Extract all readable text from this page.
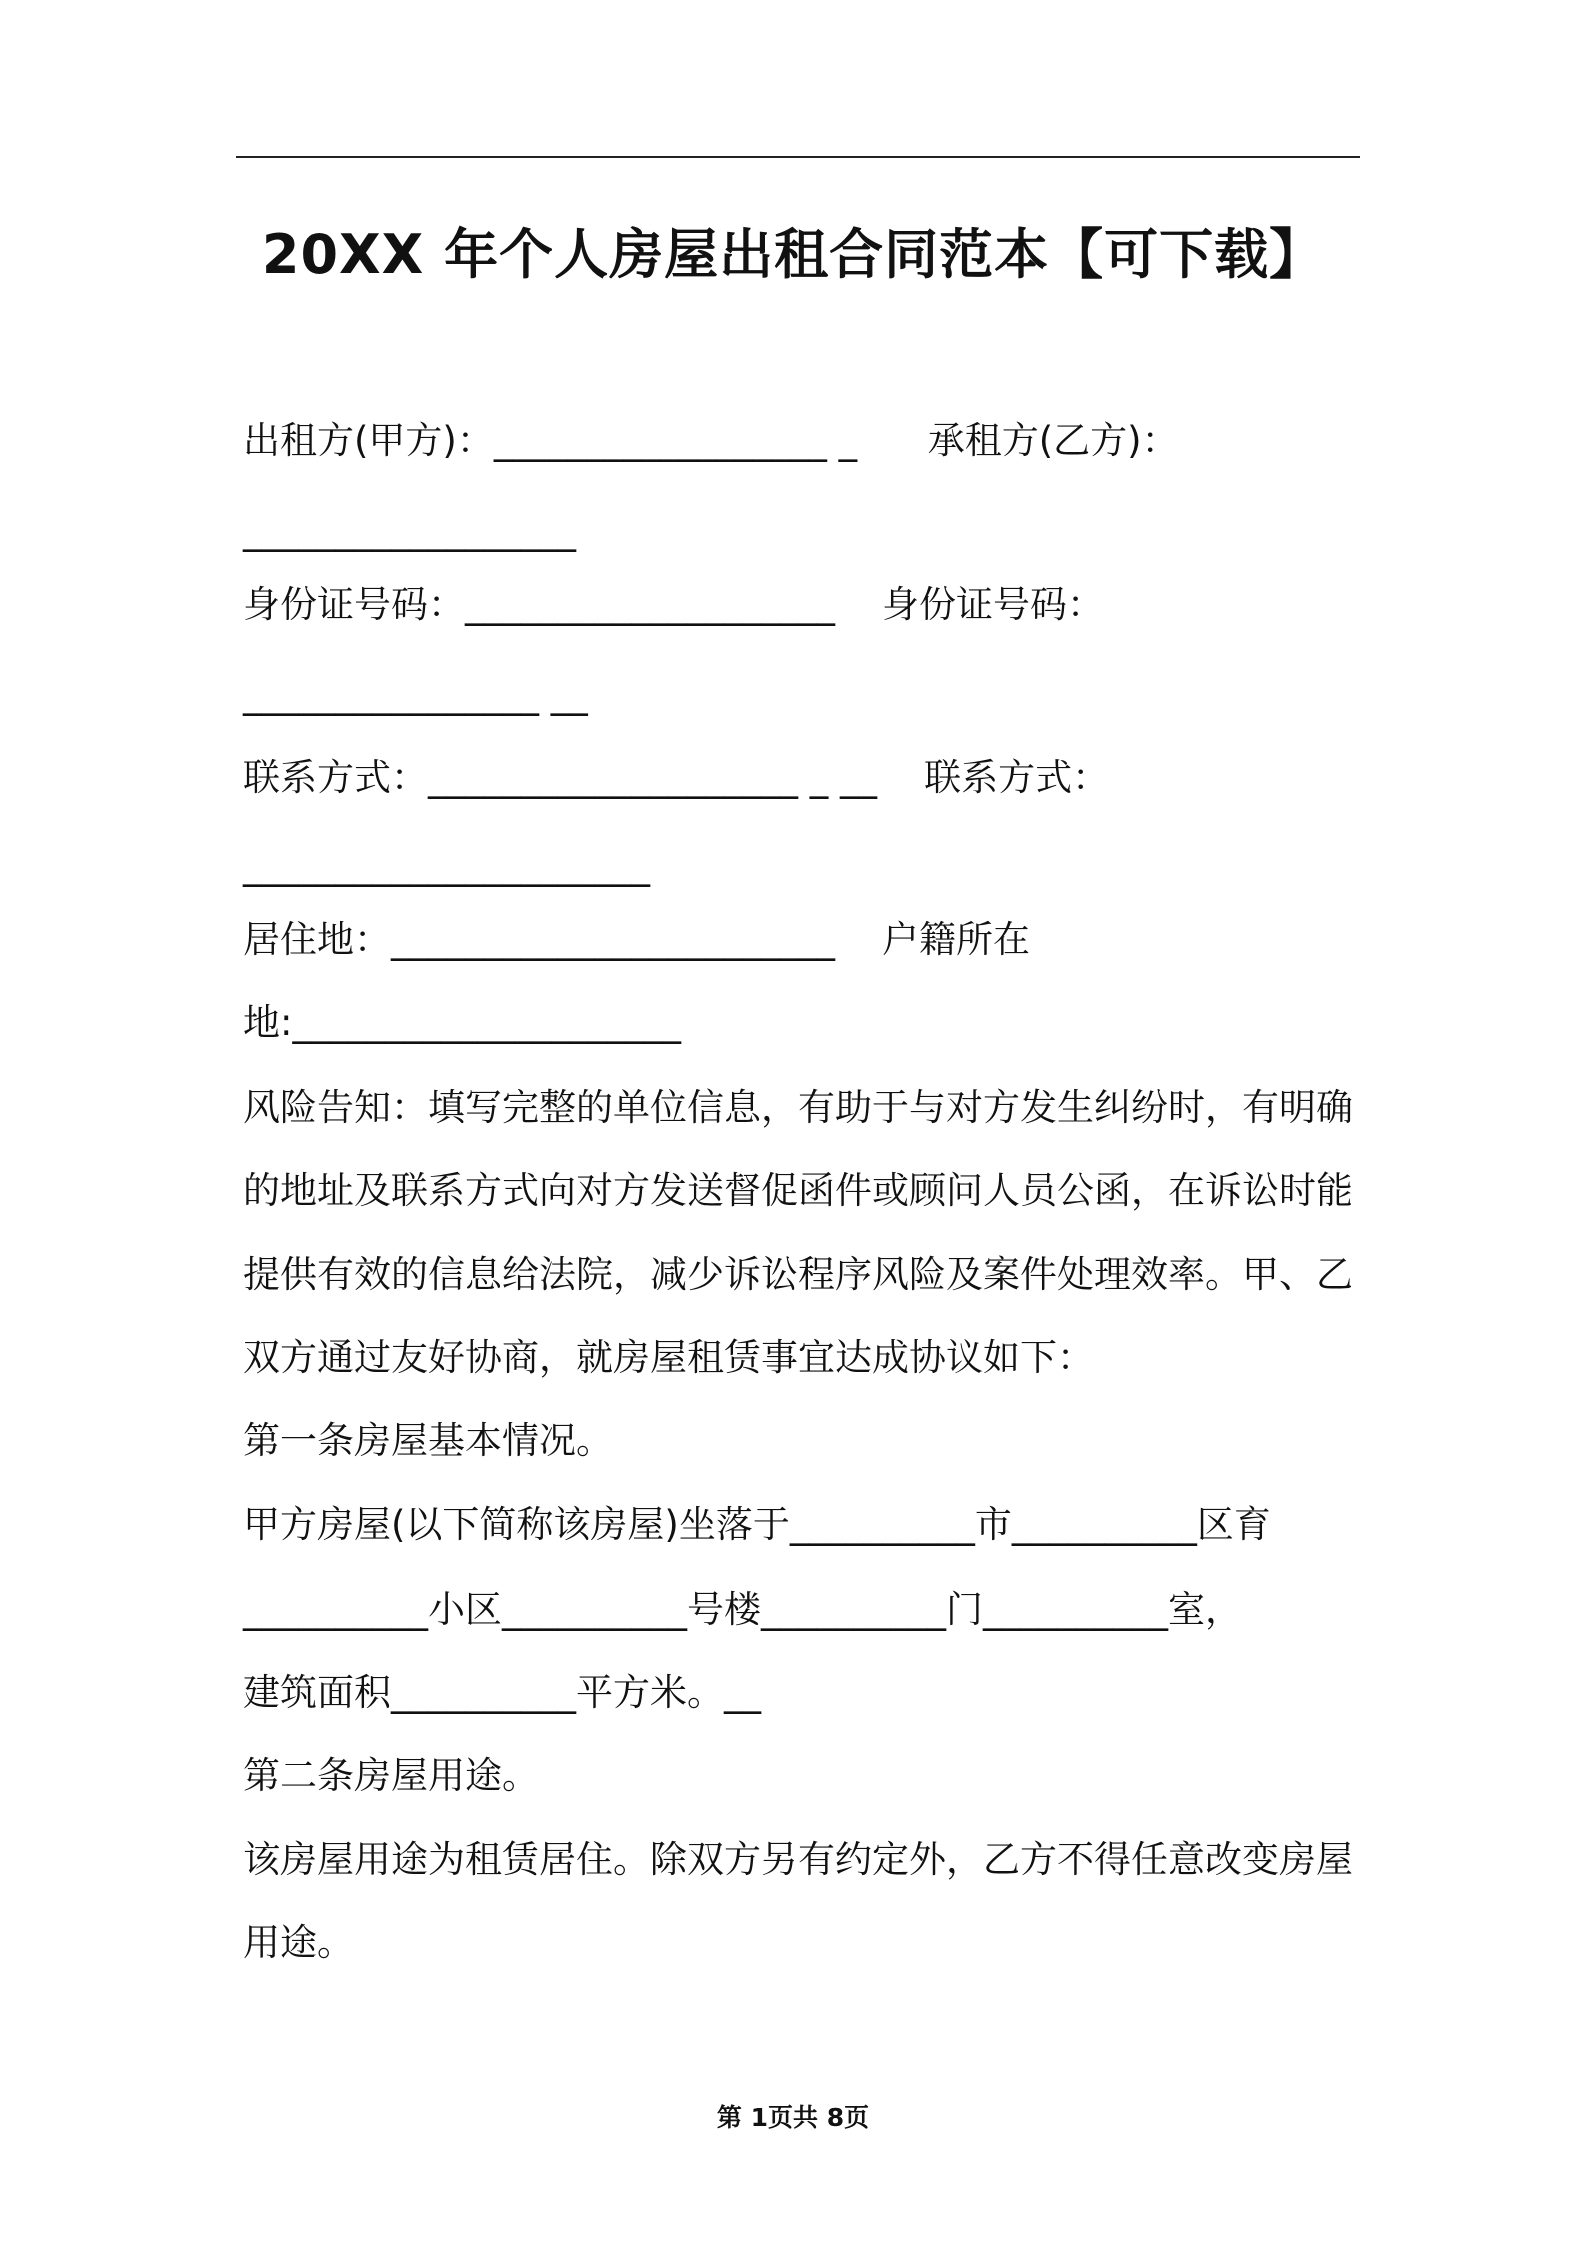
20XX 年个人房屋出租合同范本【可下载】
出租方(甲方)：__________________ _      承租方(乙方)：
__________________
身份证号码：____________________    身份证号码：
________________ __
联系方式：____________________ _ __    联系方式：
______________________
居住地：________________________    户籍所在
地:_____________________
风险告知：填写完整的单位信息，有助于与对方发生纠纷时，有明确
的地址及联系方式向对方发送督促函件或顾问人员公函，在诉讼时能
提供有效的信息给法院，减少诉讼程序风险及案件处理效率。甲、乙
双方通过友好协商，就房屋租赁事宜达成协议如下：
第一条房屋基本情况。
甲方房屋(以下简称该房屋)坐落于__________市__________区育
__________小区__________号楼__________门__________室，
建筑面积__________平方米。__
第二条房屋用途。
该房屋用途为租赁居住。除双方另有约定外，乙方不得任意改变房屋
用途。
第 1页共 8页
